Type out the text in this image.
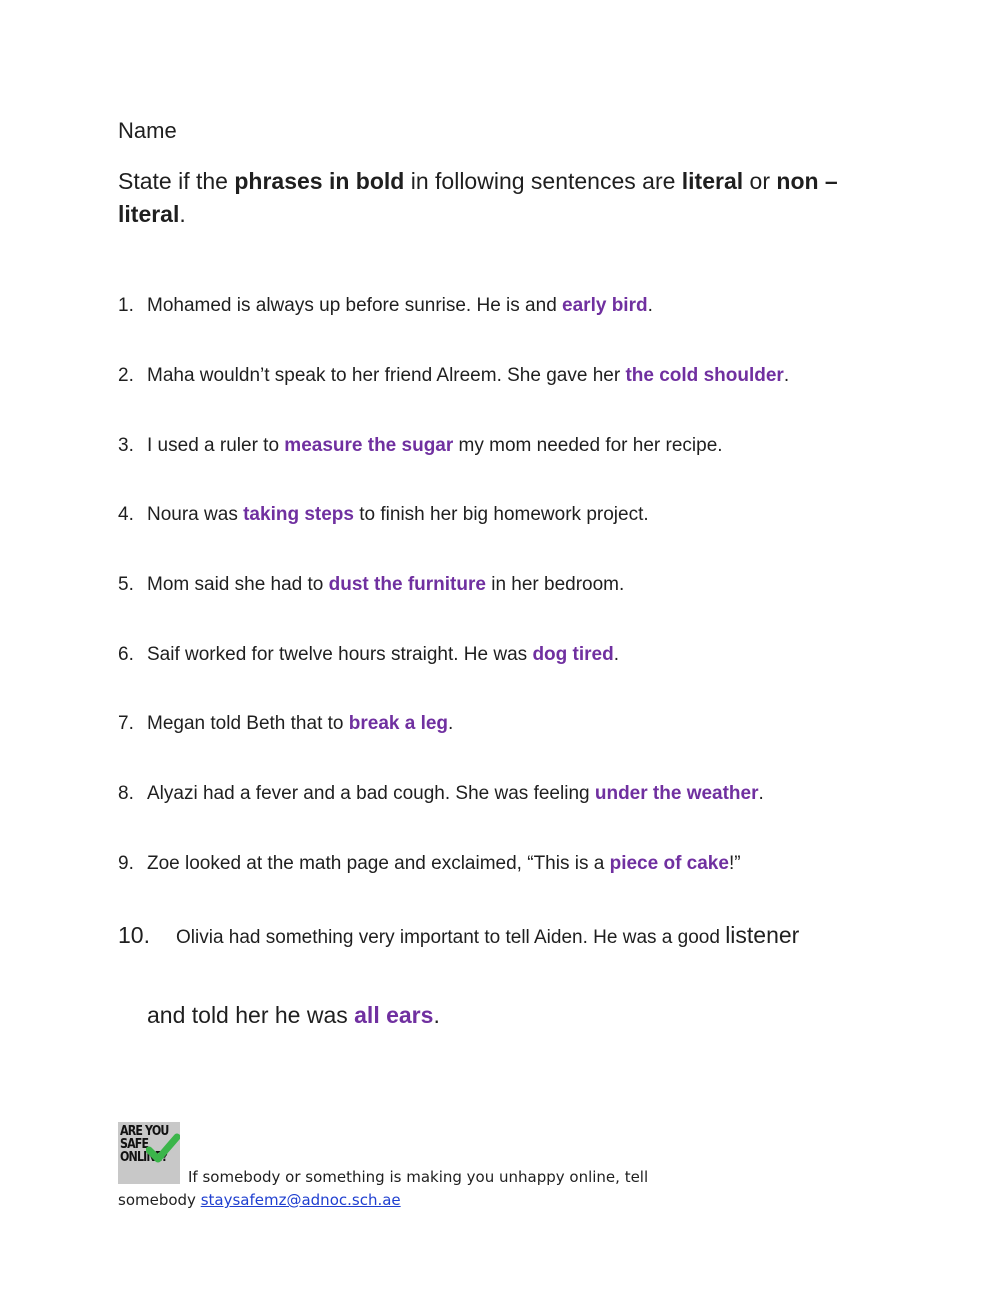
Name
State if the phrases in bold in following sentences are literal or non – literal.
1. Mohamed is always up before sunrise. He is and early bird.
2. Maha wouldn’t speak to her friend Alreem. She gave her the cold shoulder.
3. I used a ruler to measure the sugar my mom needed for her recipe.
4. Noura was taking steps to finish her big homework project.
5. Mom said she had to dust the furniture in her bedroom.
6. Saif worked for twelve hours straight. He was dog tired.
7. Megan told Beth that to break a leg.
8. Alyazi had a fever and a bad cough. She was feeling under the weather.
9. Zoe looked at the math page and exclaimed, “This is a piece of cake!”
10. Olivia had something very important to tell Aiden. He was a good listener
and told her he was all ears.
ARE YOU
SAFE
ONLINE?
If somebody or something is making you unhappy online, tell
somebody staysafemz@adnoc.sch.ae
